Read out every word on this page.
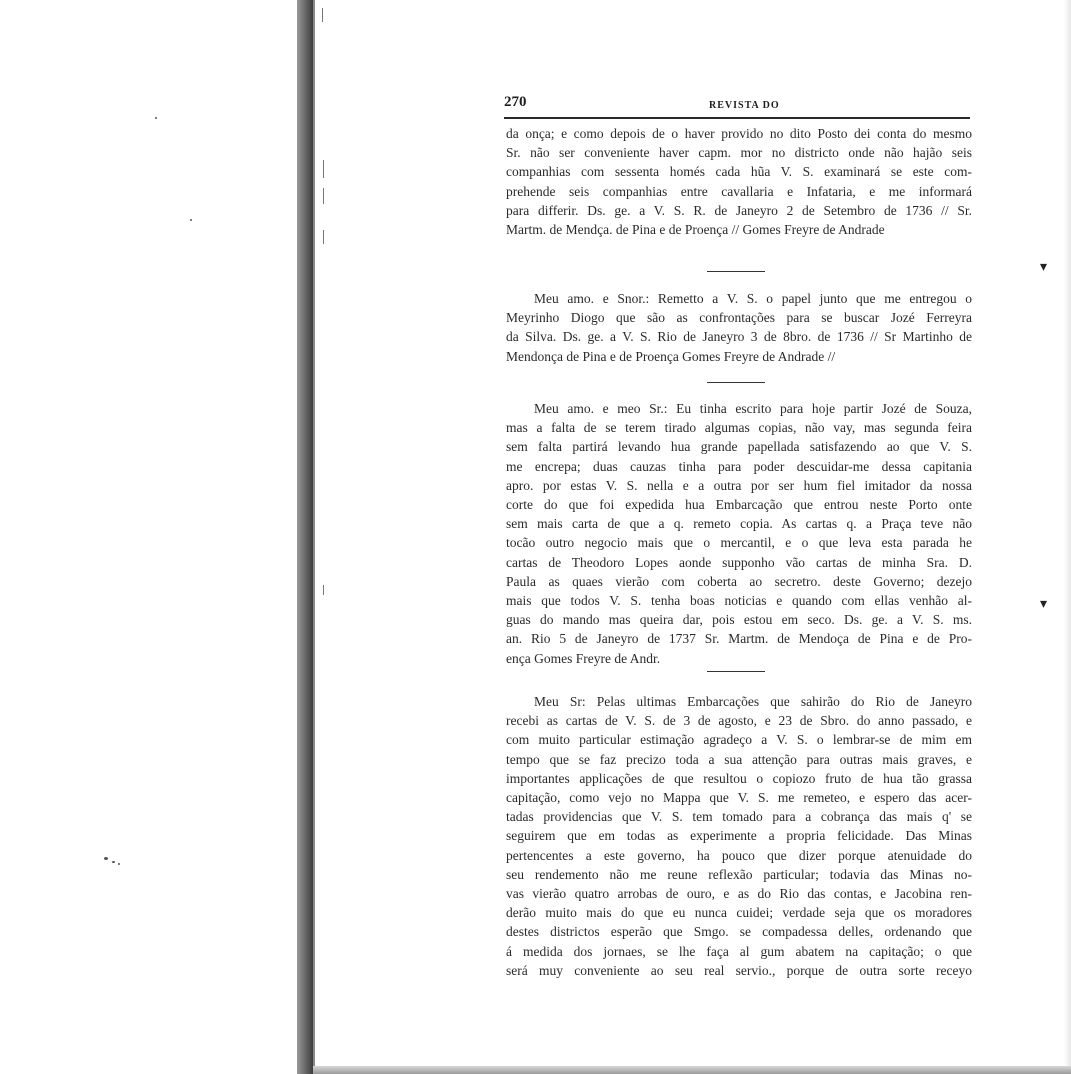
270	REVISTA DO
da onça; e como depois de o haver provido no dito Posto dei conta do mesmo
Sr. não ser conveniente haver capm. mor no districto onde não hajão seis
companhias com sessenta homés cada hũa V. S. examinará se este com-
prehende seis companhias entre cavallaria e Infataria, e me informará
para differir. Ds. ge. a V. S. R. de Janeyro 2 de Setembro de 1736 // Sr.
Martm. de Mendça. de Pina e de Proença // Gomes Freyre de Andrade
Meu amo. e Snor.: Remetto a V. S. o papel junto que me entregou o
Meyrinho Diogo que são as confrontações para se buscar Jozé Ferreyra
da Silva. Ds. ge. a V. S. Rio de Janeyro 3 de 8bro. de 1736 // Sr Martinho de
Mendonça de Pina e de Proença Gomes Freyre de Andrade //
Meu amo. e meo Sr.: Eu tinha escrito para hoje partir Jozé de Souza,
mas a falta de se terem tirado algumas copias, não vay, mas segunda feira
sem falta partirá levando hua grande papellada satisfazendo ao que V. S.
me encrepa; duas cauzas tinha para poder descuidar-me dessa capitania
apro. por estas V. S. nella e a outra por ser hum fiel imitador da nossa
corte do que foi expedida hua Embarcação que entrou neste Porto onte
sem mais carta de que a q. remeto copia. As cartas q. a Praça teve não
tocão outro negocio mais que o mercantil, e o que leva esta parada he
cartas de Theodoro Lopes aonde supponho vão cartas de minha Sra. D.
Paula as quaes vierão com coberta ao secretro. deste Governo; dezejo
mais que todos V. S. tenha boas noticias e quando com ellas venhão al-
guas do mando mas queira dar, pois estou em seco. Ds. ge. a V. S. ms.
an. Rio 5 de Janeyro de 1737 Sr. Martm. de Mendoça de Pina e de Pro-
ença Gomes Freyre de Andr.
Meu Sr: Pelas ultimas Embarcações que sahirão do Rio de Janeyro
recebi as cartas de V. S. de 3 de agosto, e 23 de Sbro. do anno passado, e
com muito particular estimação agradeço a V. S. o lembrar-se de mim em
tempo que se faz precizo toda a sua attenção para outras mais graves, e
importantes applicações de que resultou o copiozo fruto de hua tão grassa
capitação, como vejo no Mappa que V. S. me remeteo, e espero das acer-
tadas providencias que V. S. tem tomado para a cobrança das mais q' se
seguirem que em todas as experimente a propria felicidade. Das Minas
pertencentes a este governo, ha pouco que dizer porque atenuidade do
seu rendemento não me reune reflexão particular; todavia das Minas no-
vas vierão quatro arrobas de ouro, e as do Rio das contas, e Jacobina ren-
derão muito mais do que eu nunca cuidei; verdade seja que os moradores
destes districtos esperão que Smgo. se compadessa delles, ordenando que
á medida dos jornaes, se lhe faça al gum abatem na capitação; o que
será muy conveniente ao seu real servio., porque de outra sorte receyo
▾
▾
